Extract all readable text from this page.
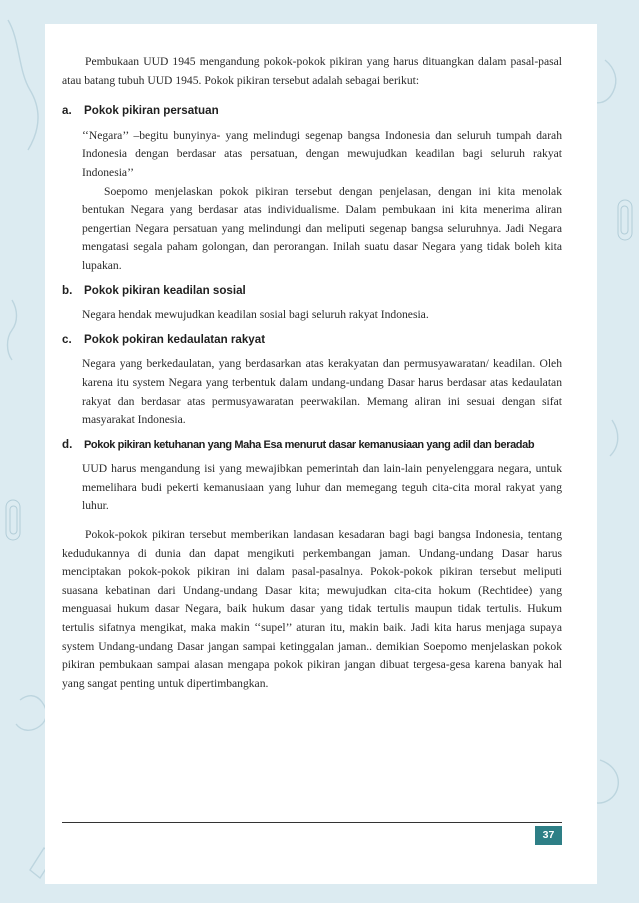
Pembukaan UUD 1945 mengandung pokok-pokok pikiran yang harus dituangkan dalam pasal-pasal atau batang tubuh UUD 1945. Pokok pikiran tersebut adalah sebagai berikut:

a.	Pokok pikiran persatuan

‘‘Negara’’ –begitu bunyinya- yang melindugi segenap bangsa Indonesia dan seluruh tumpah darah Indonesia dengan berdasar atas persatuan, dengan mewujudkan keadilan bagi seluruh rakyat Indonesia’’

Soepomo menjelaskan pokok pikiran tersebut dengan penjelasan, dengan ini kita menolak bentukan Negara yang berdasar atas individualisme. Dalam pembukaan ini kita menerima aliran pengertian Negara persatuan yang melindungi dan meliputi segenap bangsa seluruhnya. Jadi Negara mengatasi segala paham golongan, dan perorangan. Inilah suatu dasar Negara yang tidak boleh kita lupakan.

b.	Pokok pikiran keadilan sosial

Negara hendak mewujudkan keadilan sosial bagi seluruh rakyat Indonesia.

c.	Pokok pokiran kedaulatan rakyat

Negara yang berkedaulatan, yang berdasarkan atas kerakyatan dan permusyawaratan/ keadilan. Oleh karena itu system Negara yang terbentuk dalam undang-undang Dasar harus berdasar atas kedaulatan rakyat dan berdasar atas permusyawaratan peerwakilan. Memang aliran ini sesuai dengan sifat masyarakat Indonesia.

d.	Pokok pikiran ketuhanan yang Maha Esa menurut dasar kemanusiaan yang adil dan beradab

UUD harus mengandung isi yang mewajibkan pemerintah dan lain-lain penyelenggara negara, untuk memelihara budi pekerti kemanusiaan yang luhur dan memegang teguh cita-cita moral rakyat yang luhur.

Pokok-pokok pikiran tersebut memberikan landasan kesadaran bagi bagi bangsa Indonesia, tentang kedudukannya di dunia dan dapat mengikuti perkembangan jaman. Undang-undang Dasar harus menciptakan pokok-pokok pikiran ini dalam pasal-pasalnya. Pokok-pokok pikiran tersebut meliputi suasana kebatinan dari Undang-undang Dasar kita; mewujudkan cita-cita hokum (Rechtidee) yang menguasai hukum dasar Negara, baik hukum dasar yang tidak tertulis maupun tidak tertulis. Hukum tertulis sifatnya mengikat, maka makin ‘‘supel’’ aturan itu, makin baik. Jadi kita harus menjaga supaya system Undang-undang Dasar jangan sampai ketinggalan jaman.. demikian Soepomo menjelaskan pokok pikiran pembukaan sampai alasan mengapa pokok pikiran jangan dibuat tergesa-gesa karena banyak hal yang sangat penting untuk dipertimbangkan.

37
